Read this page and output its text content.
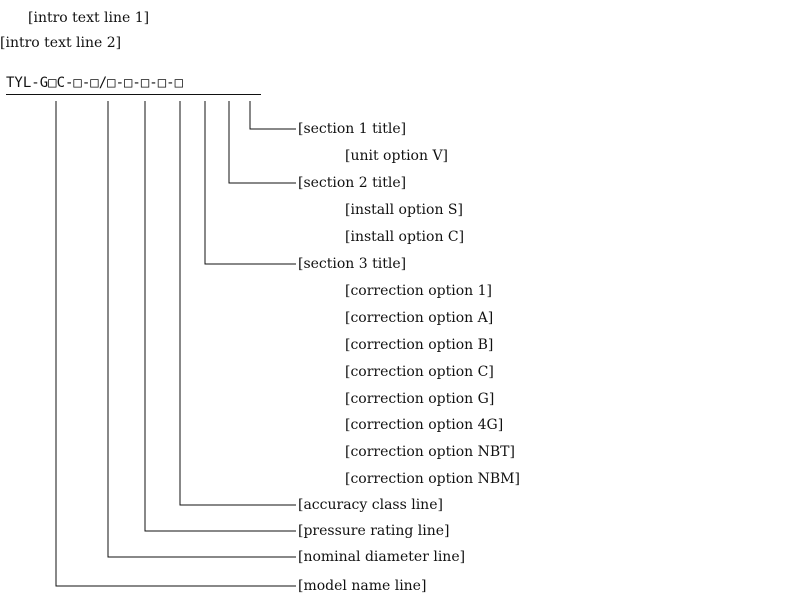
[intro text line 1]

[intro text line 2]

TYL-G□C-□-□/□-□-□-□-□
[section 1 title]
[unit option V]
[section 2 title]
[install option S]
[install option C]
[section 3 title]
[correction option 1]
[correction option A]
[correction option B]
[correction option C]
[correction option G]
[correction option 4G]
[correction option NBT]
[correction option NBM]
[accuracy class line]
[pressure rating line]
[nominal diameter line]
[model name line]
